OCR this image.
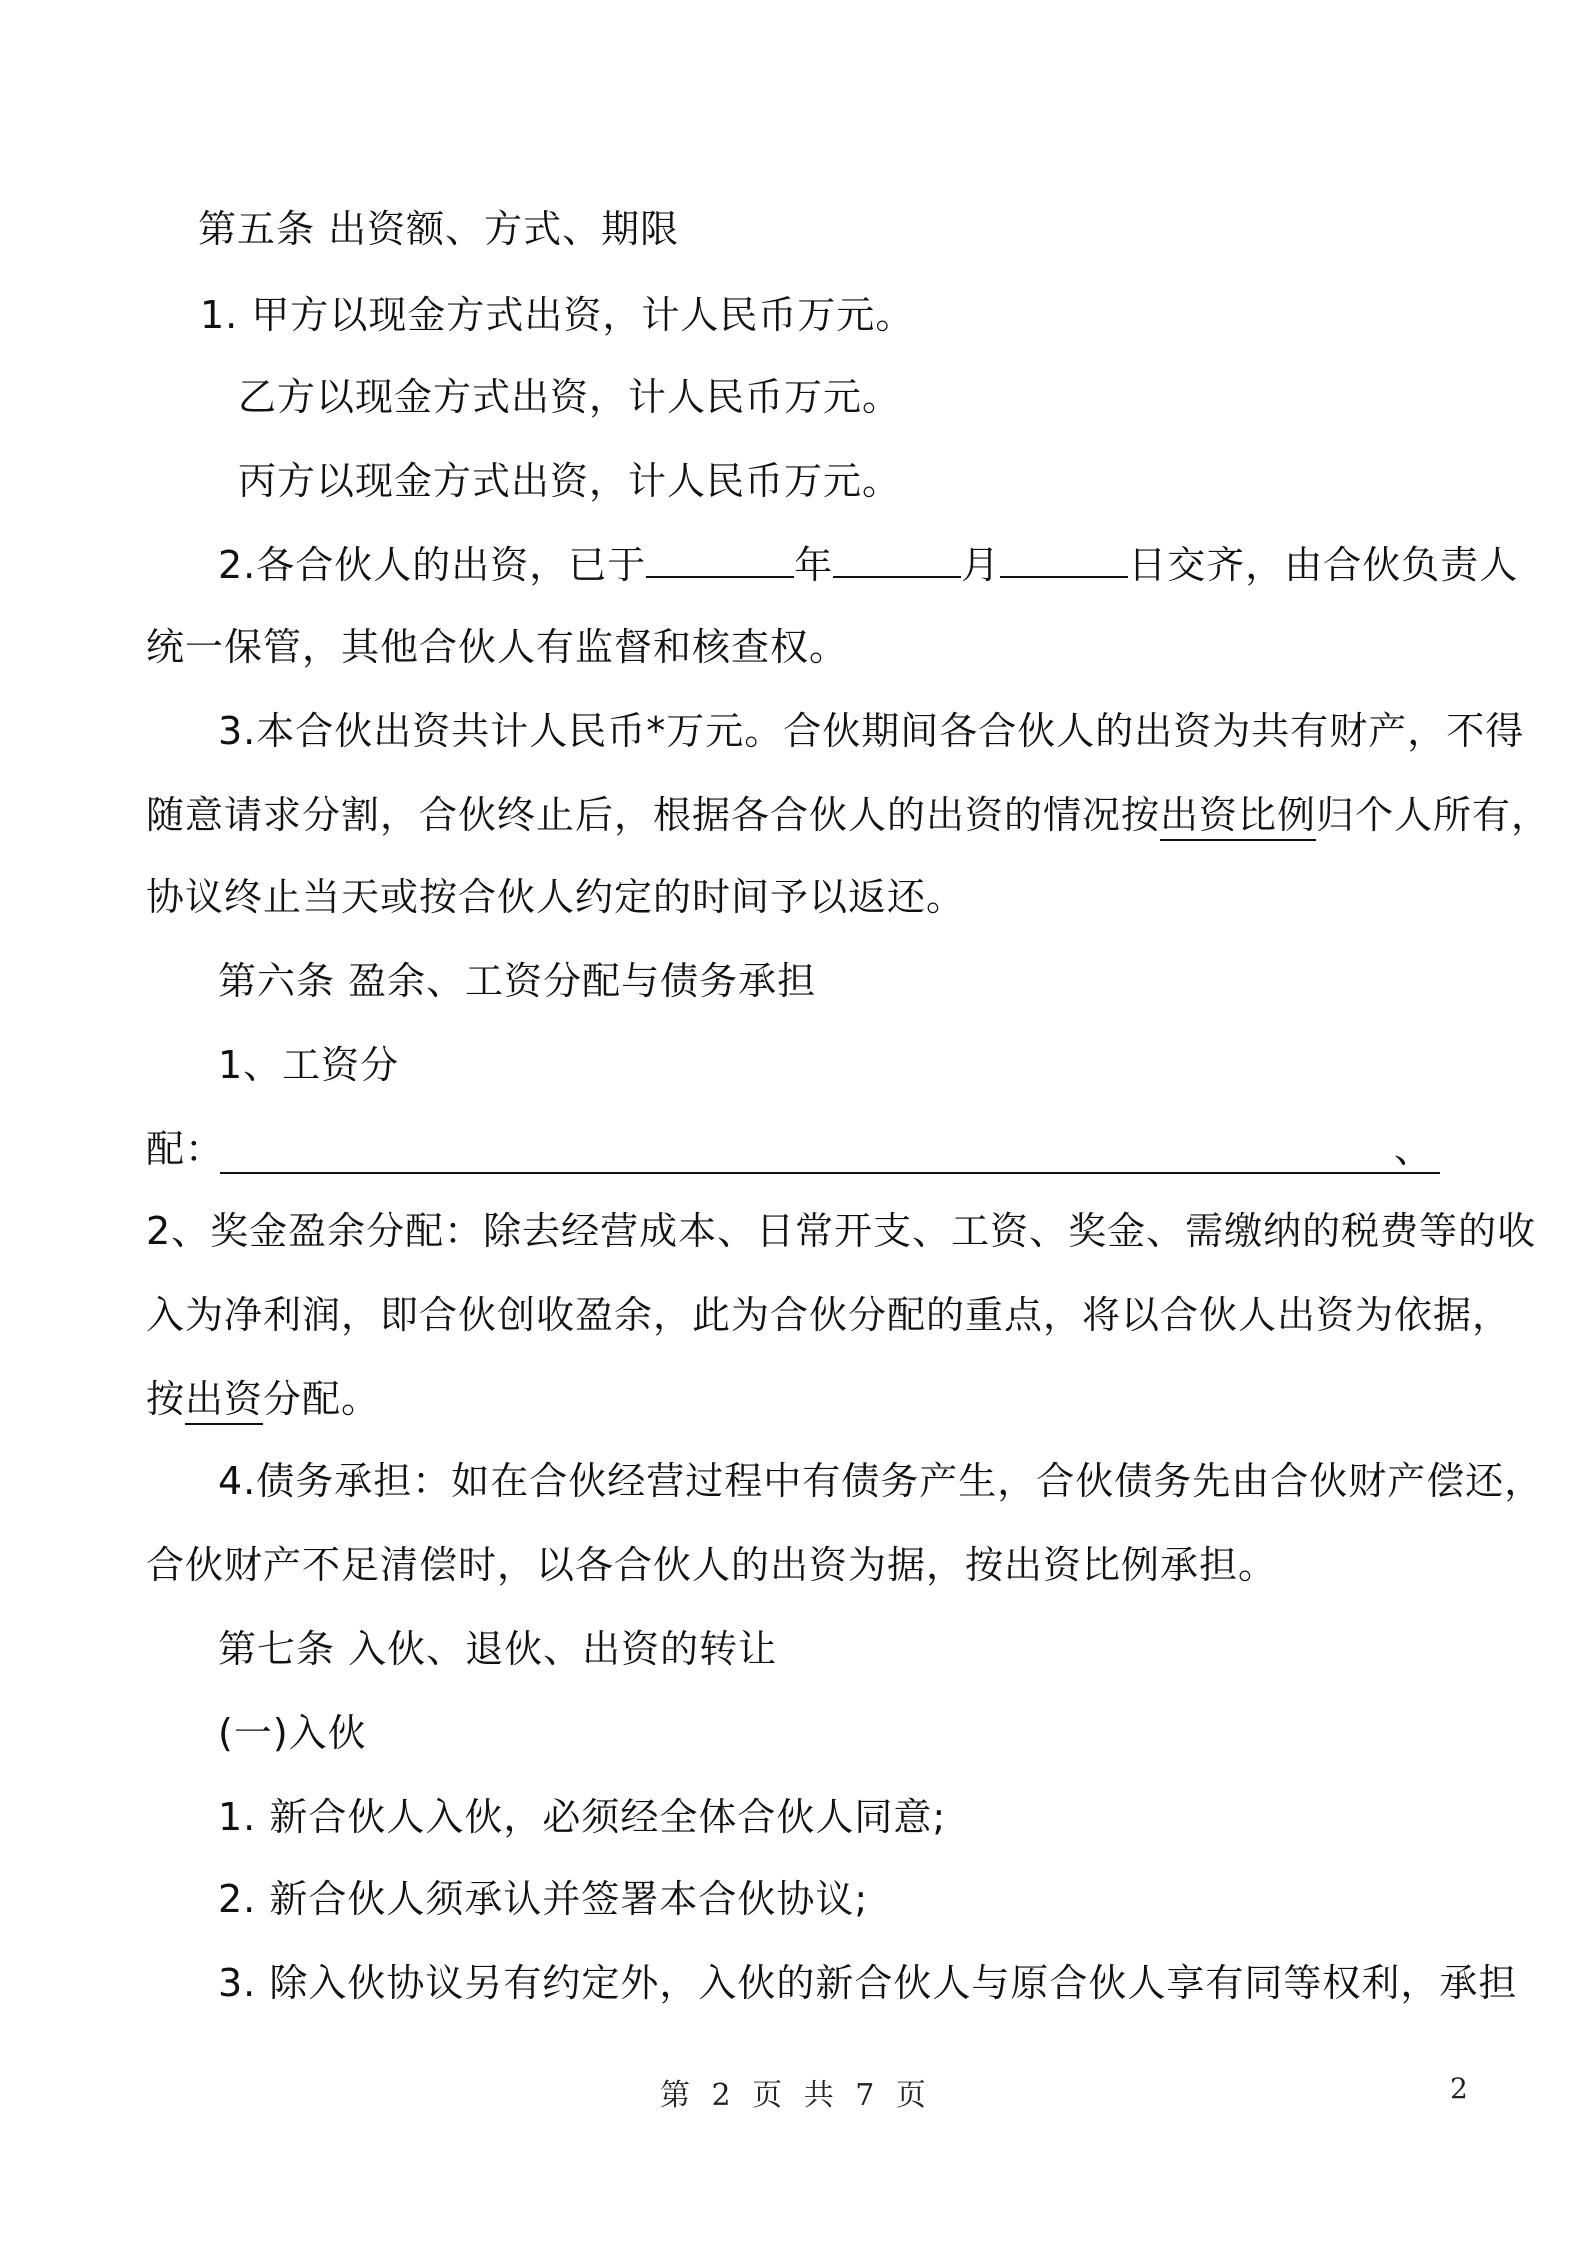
第五条 出资额、方式、期限
1. 甲方以现金方式出资，计人民币万元。
乙方以现金方式出资，计人民币万元。
丙方以现金方式出资，计人民币万元。
2.各合伙人的出资，已于	年	月	日交齐，由合伙负责人
统一保管，其他合伙人有监督和核查权。
3.本合伙出资共计人民币*万元。合伙期间各合伙人的出资为共有财产，不得
随意请求分割，合伙终止后，根据各合伙人的出资的情况按出资比例归个人所有，
协议终止当天或按合伙人约定的时间予以返还。
第六条 盈余、工资分配与债务承担
1、工资分
配：	、
2、奖金盈余分配：除去经营成本、日常开支、工资、奖金、需缴纳的税费等的收
入为净利润，即合伙创收盈余，此为合伙分配的重点，将以合伙人出资为依据，
按出资分配。
4.债务承担：如在合伙经营过程中有债务产生，合伙债务先由合伙财产偿还，
合伙财产不足清偿时，以各合伙人的出资为据，按出资比例承担。
第七条 入伙、退伙、出资的转让
(一)入伙
1. 新合伙人入伙，必须经全体合伙人同意;
2. 新合伙人须承认并签署本合伙协议;
3. 除入伙协议另有约定外，入伙的新合伙人与原合伙人享有同等权利，承担
第 2 页 共 7 页	2
